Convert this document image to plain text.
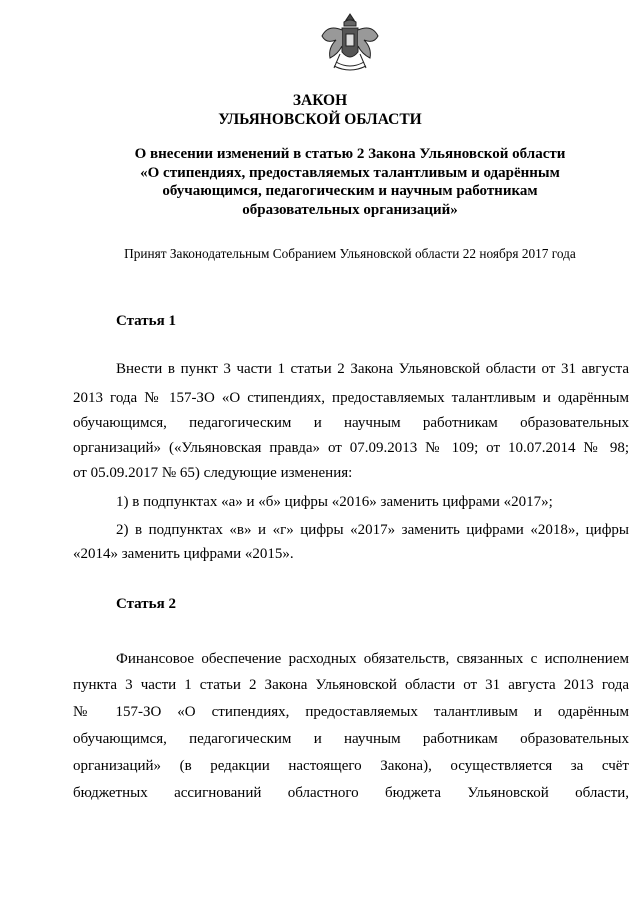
ЗАКОН
УЛЬЯНОВСКОЙ ОБЛАСТИ
О внесении изменений в статью 2 Закона Ульяновской области
«О стипендиях, предоставляемых талантливым и одарённым
обучающимся, педагогическим и научным работникам
образовательных организаций»
Принят Законодательным Собранием Ульяновской области 22 ноября 2017 года
Статья 1
Внести в пункт 3 части 1 статьи 2 Закона Ульяновской области от 31 августа
2013 года № 157-ЗО «О стипендиях, предоставляемых талантливым и одарённым
обучающимся, педагогическим и научным работникам образовательных
организаций» («Ульяновская правда» от 07.09.2013 № 109; от 10.07.2014 № 98;
от 05.09.2017 № 65) следующие изменения:
1) в подпунктах «а» и «б» цифры «2016» заменить цифрами «2017»;
2) в подпунктах «в» и «г» цифры «2017» заменить цифрами «2018», цифры
«2014» заменить цифрами «2015».
Статья 2
Финансовое обеспечение расходных обязательств, связанных с исполнением
пункта 3 части 1 статьи 2 Закона Ульяновской области от 31 августа 2013 года
№ 157-ЗО «О стипендиях, предоставляемых талантливым и одарённым
обучающимся, педагогическим и научным работникам образовательных
организаций» (в редакции настоящего Закона), осуществляется за счёт
бюджетных ассигнований областного бюджета Ульяновской области,
